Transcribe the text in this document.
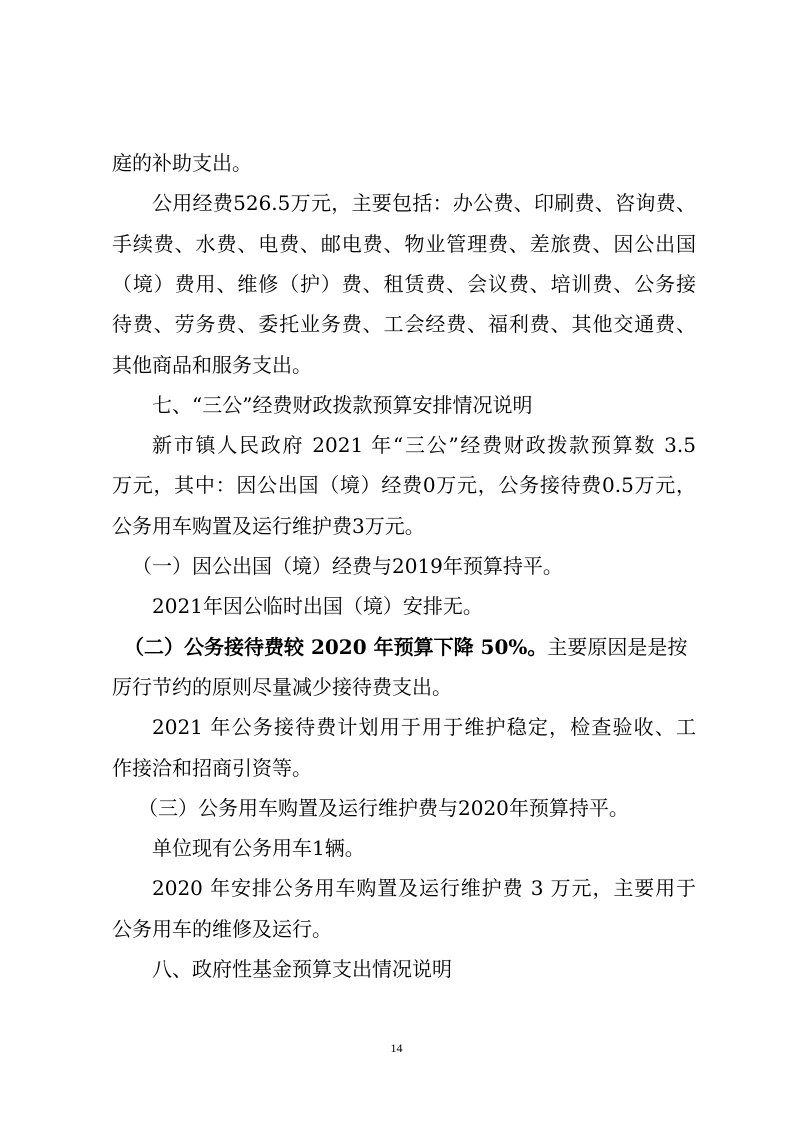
庭的补助支出。

公用经费526.5万元，主要包括：办公费、印刷费、咨询费、

手续费、水费、电费、邮电费、物业管理费、差旅费、因公出国

（境）费用、维修（护）费、租赁费、会议费、培训费、公务接

待费、劳务费、委托业务费、工会经费、福利费、其他交通费、

其他商品和服务支出。

七、“三公”经费财政拨款预算安排情况说明

新市镇人民政府 2021 年“三公”经费财政拨款预算数 3.5

万元，其中：因公出国（境）经费0万元，公务接待费0.5万元，

公务用车购置及运行维护费3万元。

（一）因公出国（境）经费与2019年预算持平。

2021年因公临时出国（境）安排无。

（二）公务接待费较 2020 年预算下降 50%。主要原因是是按

厉行节约的原则尽量减少接待费支出。

2021 年公务接待费计划用于用于维护稳定，检查验收、工

作接洽和招商引资等。

（三）公务用车购置及运行维护费与2020年预算持平。

单位现有公务用车1辆。

2020 年安排公务用车购置及运行维护费 3 万元，主要用于

公务用车的维修及运行。

八、政府性基金预算支出情况说明

14
